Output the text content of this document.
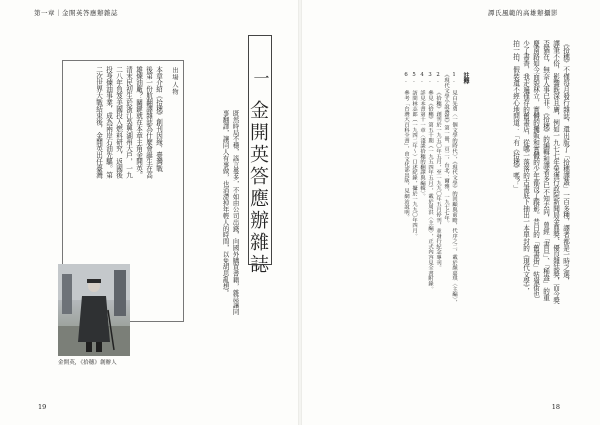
第一章｜金開英答應辦雜誌	譚氏風範的高雄辦攝影
《拾穗》不僅每月發行雜誌，還出版了「拾穗譯叢」一百多種，譯者都是一時之選，
譯筆不俗，影響既深且廣，例如一九七七年榮獲行政院新聞局金鼎獎、優良雜誌獎，而今獎
盃猶在，無奈人事已非。《拾穗》的編輯和譯者多已不知去向，曾經「書旦」、「稀盎」的重
慶南路如今面貌林立，實體的攤販和實體的少年都沒了蹤影。昔日的「舊書街」牯嶺街也
少了書香，我走遍僅存的舊書店，從哪一落落的古書底下抽出一本單封的《現代文學》，
拍一拍，假裝還不經心地問道：「有《拾穗》嗎？」
註釋
1. 見白先勇〈一個文學的時代〉，《現代文學》的回顧與前瞻，代序之二，載於顏嘉琪〈主編〉，
《現代文學小說選集》第一冊，頁二，台北：爾雅，一九七七年。
2. 《拾穗》創刊於一九五〇年五月，至一九九〇年五月停刊，並發行紀念專刊。
3. 參見《拾穗》第五十期（一九五四年五月），載於周洪〈主編〉，正式內容見全書附錄。
4. 詳見本書第十一章〈淺談拾穗的翻譯與編輯〉。
5. 訪問林志郎（一九四二年〜）口述紀錄，攝於一九九〇年四月。
6. 參考「台灣大百科全書」，由文化部出版，見網站說明。
一
金開英答應辦雜誌
既然時局不穩，謠言蔓多，不如由公司出錢，向國外購買書籍，雜誌讓同
事翻譯，讓同人有事做，也消滯掉年輕人的時間，以免胡思亂想。
出場人物
本章介紹《拾穗》創刊因緣，臺灣戰
後第一份航翻譯雜誌為什麼會誕生在高
雄煉油廠？關鍵就在本章主角金開英。
清末民初生於浙江吳興湖州大戶，一九
二八年負笈美國投入燃料研究，返國後
投身煉油事業，成為兩岸石油先驅。第
二次世界大戰結束後，金開英出任臺灣
金開英，《拾穗》創辦人
19	18
